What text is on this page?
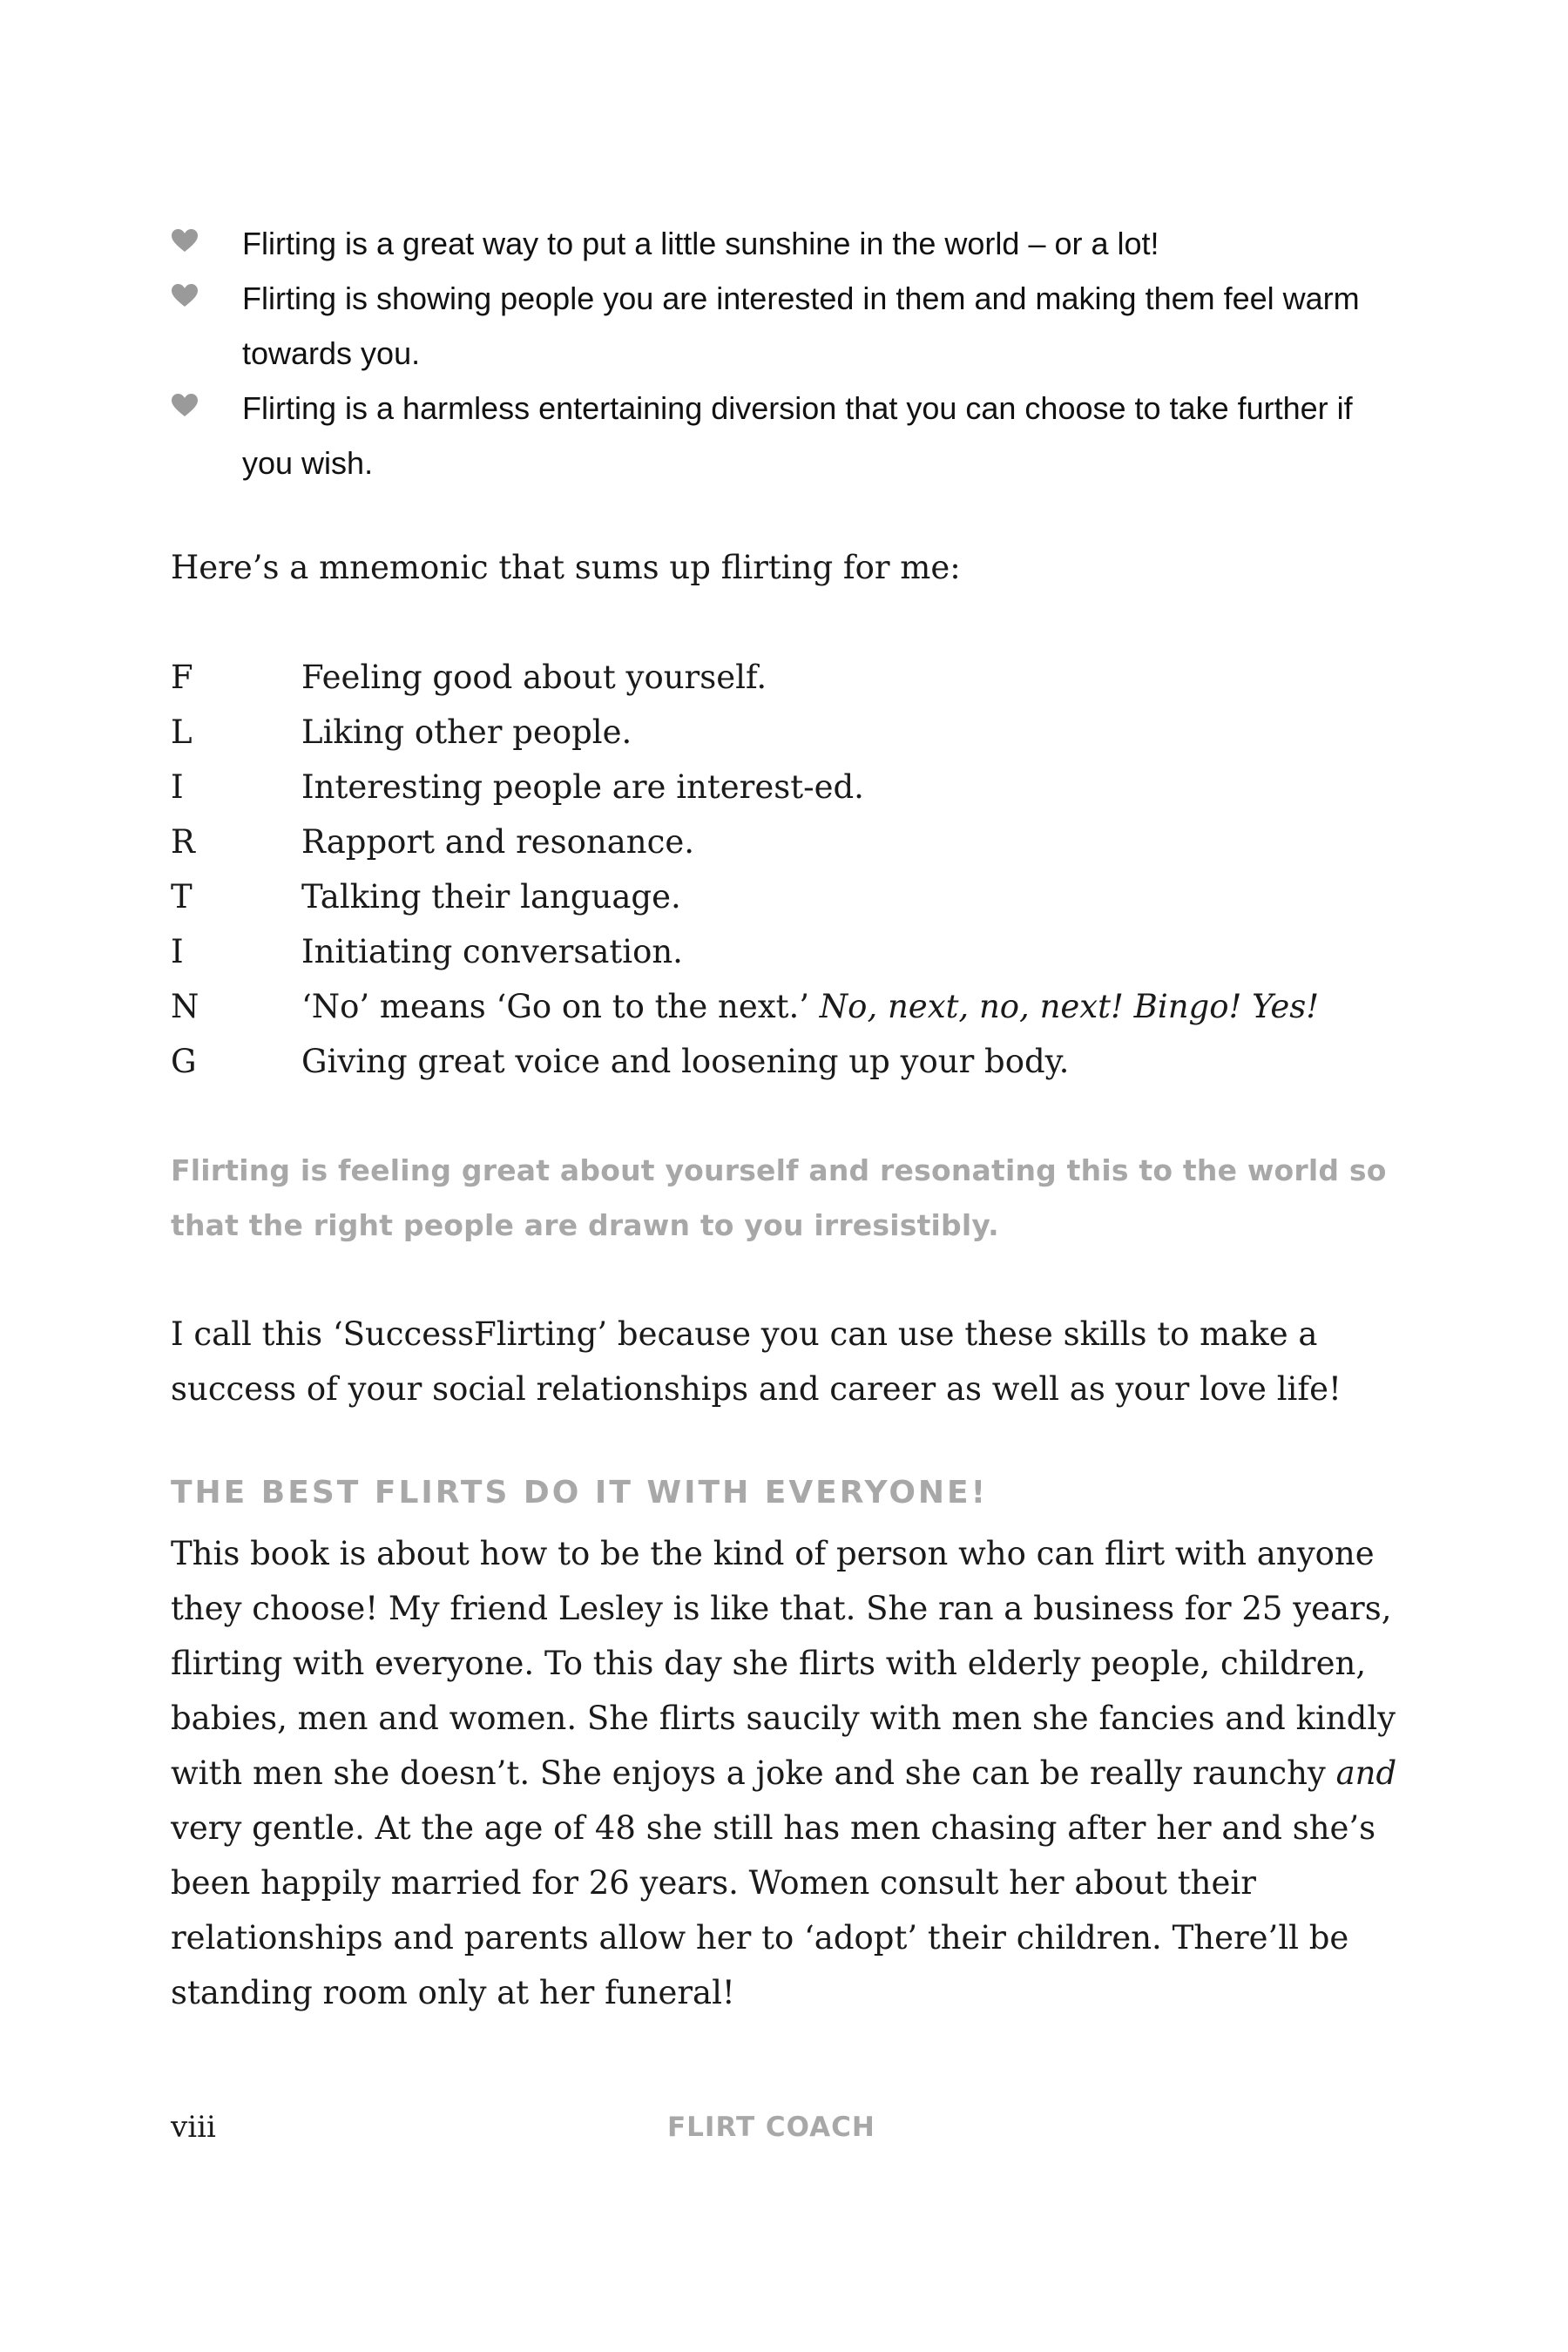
Flirting is a great way to put a little sunshine in the world – or a lot!
Flirting is showing people you are interested in them and making them feel warm towards you.
Flirting is a harmless entertaining diversion that you can choose to take further if you wish.
Here’s a mnemonic that sums up flirting for me:
F	Feeling good about yourself.
L	Liking other people.
I	Interesting people are interest-ed.
R	Rapport and resonance.
T	Talking their language.
I	Initiating conversation.
N	‘No’ means ‘Go on to the next.’ No, next, no, next! Bingo! Yes!
G	Giving great voice and loosening up your body.
Flirting is feeling great about yourself and resonating this to the world so that the right people are drawn to you irresistibly.
I call this ‘SuccessFlirting’ because you can use these skills to make a success of your social relationships and career as well as your love life!
THE BEST FLIRTS DO IT WITH EVERYONE!
This book is about how to be the kind of person who can flirt with anyone they choose! My friend Lesley is like that. She ran a business for 25 years, flirting with everyone. To this day she flirts with elderly people, children, babies, men and women. She flirts saucily with men she fancies and kindly with men she doesn’t. She enjoys a joke and she can be really raunchy and very gentle. At the age of 48 she still has men chasing after her and she’s been happily married for 26 years. Women consult her about their relationships and parents allow her to ‘adopt’ their children. There’ll be standing room only at her funeral!
viii	FLIRT COACH
